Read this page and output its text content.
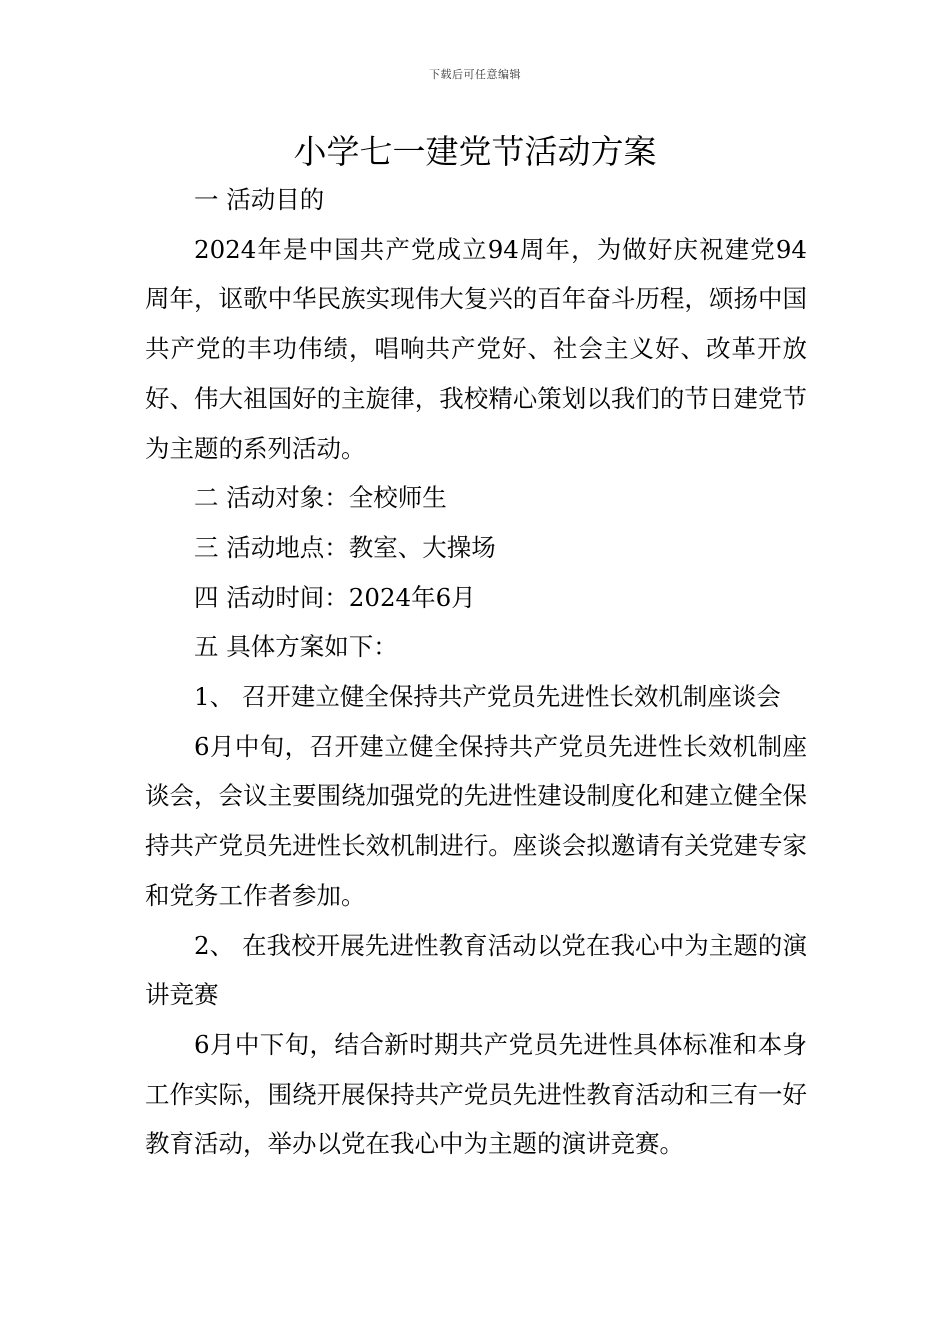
下载后可任意编辑
小学七一建党节活动方案

一 活动目的

2024年是中国共产党成立94周年，为做好庆祝建党94周年，讴歌中华民族实现伟大复兴的百年奋斗历程，颂扬中国共产党的丰功伟绩，唱响共产党好、社会主义好、改革开放好、伟大祖国好的主旋律，我校精心策划以我们的节日建党节为主题的系列活动。

二 活动对象：全校师生

三 活动地点：教室、大操场

四 活动时间：2024年6月

五 具体方案如下：

1、 召开建立健全保持共产党员先进性长效机制座谈会

6月中旬，召开建立健全保持共产党员先进性长效机制座谈会，会议主要围绕加强党的先进性建设制度化和建立健全保持共产党员先进性长效机制进行。座谈会拟邀请有关党建专家和党务工作者参加。

2、 在我校开展先进性教育活动以党在我心中为主题的演讲竞赛

6月中下旬，结合新时期共产党员先进性具体标准和本身工作实际，围绕开展保持共产党员先进性教育活动和三有一好教育活动，举办以党在我心中为主题的演讲竞赛。
